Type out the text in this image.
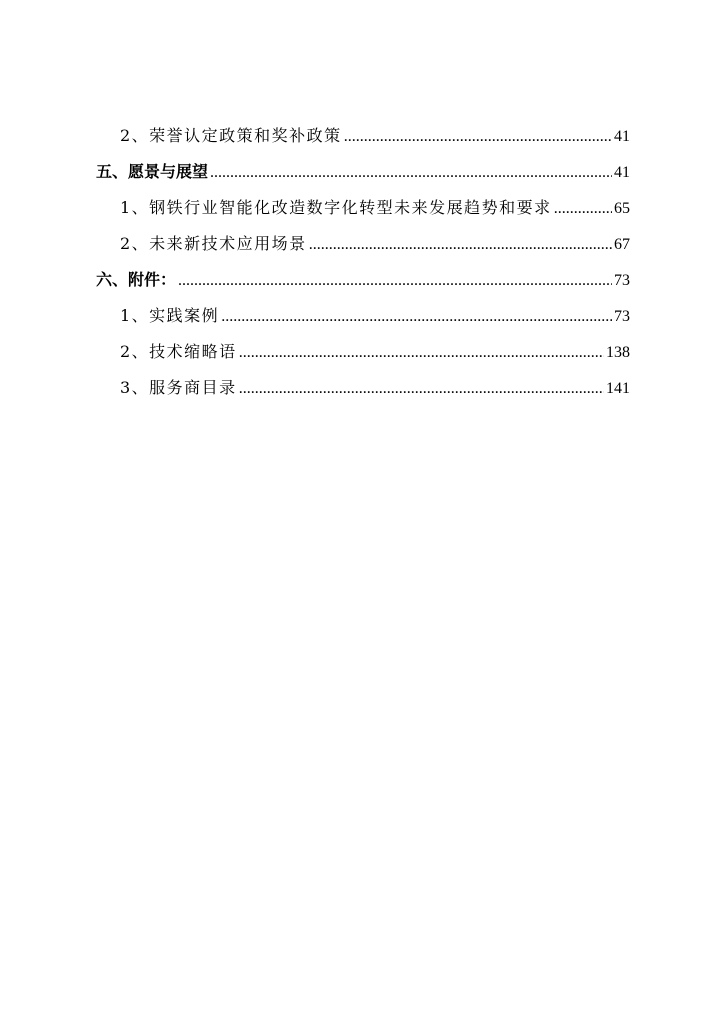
2、荣誉认定政策和奖补政策 .....	41
五、愿景与展望 .....	41
1、钢铁行业智能化改造数字化转型未来发展趋势和要求 .....	65
2、未来新技术应用场景 .....	67
六、附件： .....	73
1、实践案例 .....	73
2、技术缩略语 .....	138
3、服务商目录 .....	141
